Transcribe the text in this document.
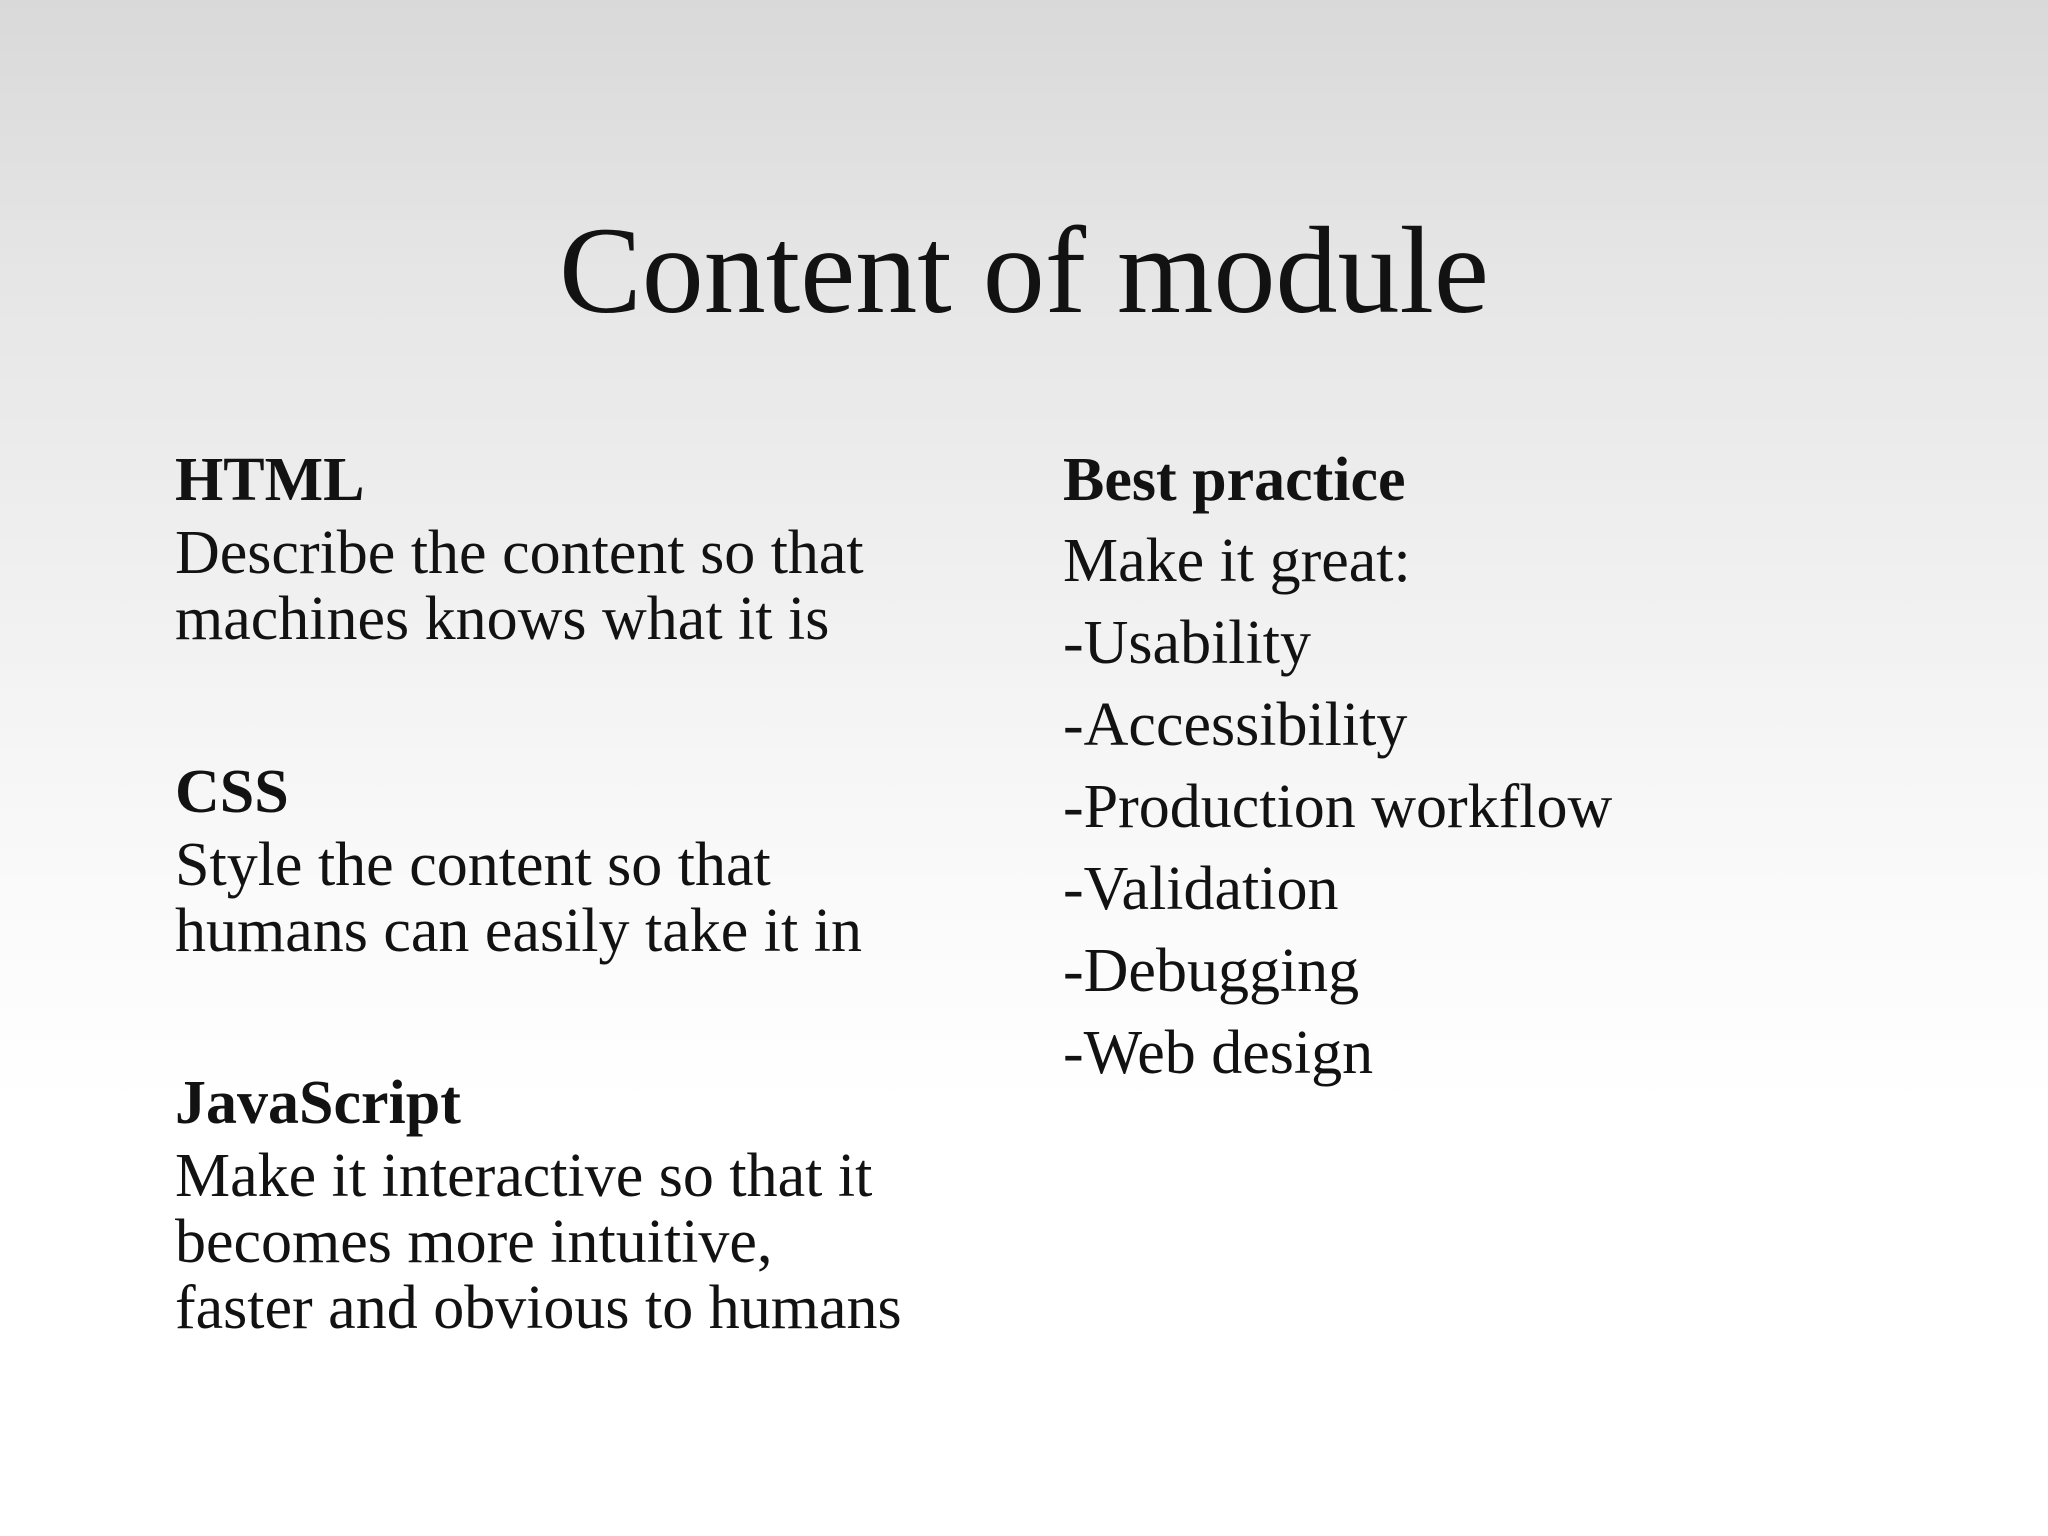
Content of module

HTML

Describe the content so that

machines knows what it is

CSS

Style the content so that

humans can easily take it in

JavaScript

Make it interactive so that it

becomes more intuitive,

faster and obvious to humans

Best practice

Make it great:
-Usability
-Accessibility
-Production workflow
-Validation
-Debugging
-Web design
